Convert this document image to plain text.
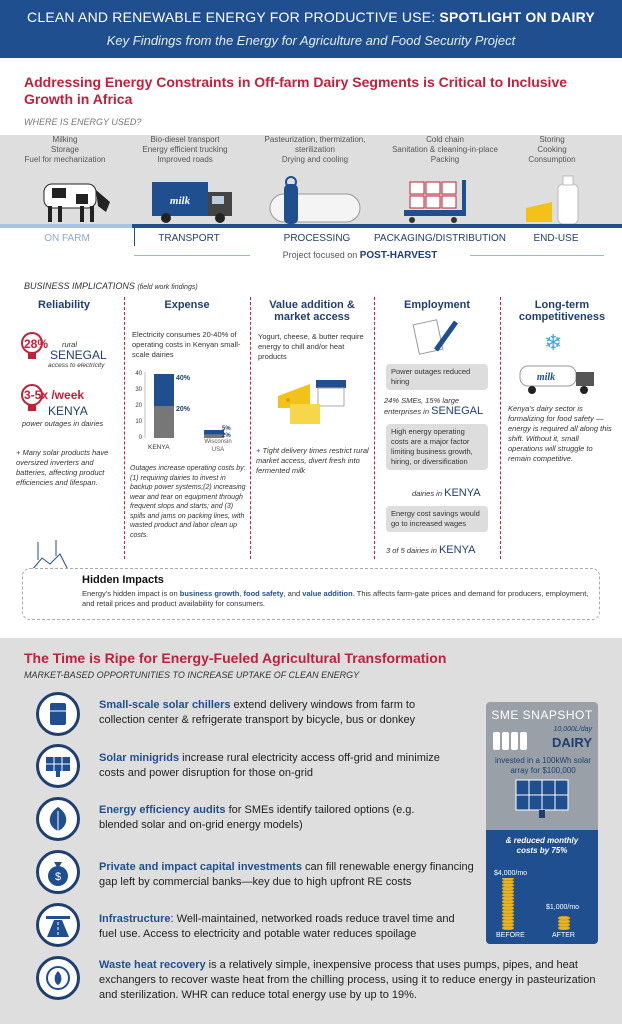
CLEAN AND RENEWABLE ENERGY FOR PRODUCTIVE USE: SPOTLIGHT ON DAIRY
Key Findings from the Energy for Agriculture and Food Security Project
Addressing Energy Constraints in Off-farm Dairy Segments is Critical to Inclusive Growth in Africa
WHERE IS ENERGY USED?
Milking
Storage
Fuel for mechanization
Bio-diesel transport
Energy efficient trucking
Improved roads
Pasteurization, thermization,
sterilization
Drying and cooling
Cold chain
Sanitation & cleaning-in-place
Packing
Storing
Cooking
Consumption
milk
ON FARM	TRANSPORT	PROCESSING	PACKAGING/DISTRIBUTION	END-USE
Project focused on POST-HARVEST
BUSINESS IMPLICATIONS (field work findings)
Reliability
28% rural
SENEGAL
access to electricity
3-5x /week
KENYA
power outages in dairies
+ Many solar products have oversized inverters and batteries, affecting product efficiencies and lifespan.
Expense
Electricity consumes 20-40% of operating costs in Kenyan small-scale dairies
40
30
20
10
0
40%
20%
5%
2%
KENYA
Wisconsin
USA
Outages increase operating costs by:(1) requiring dairies to invest in backup power systems;(2) increasing wear and tear on equipment through frequent stops and starts; and (3) spills and jams on packing lines, with wasted product and labor clean up costs.
Value addition & market access
Yogurt, cheese, & butter require energy to chill and/or heat products
+ Tight delivery times restrict rural market access, divert fresh into fermented milk
Employment
Power outages reduced hiring
24% SMEs, 15% large enterprises in SENEGAL
High energy operating costs are a major factor limiting business growth, hiring, or diversification
dairies in KENYA
Energy cost savings would go to increased wages
3 of 5 dairies in KENYA
Long-term competitiveness
❄
milk
Kenya's dairy sector is formalizing for food safety —energy is required all along this shift. Without it, small operations will struggle to remain competitive.
Hidden Impacts
Energy's hidden impact is on business growth, food safety, and value addition. This affects farm-gate prices and demand for producers, employment, and retail prices and product availability for consumers.
The Time is Ripe for Energy-Fueled Agricultural Transformation
MARKET-BASED OPPORTUNITIES TO INCREASE UPTAKE OF CLEAN ENERGY
$
Small-scale solar chillers extend delivery windows from farm to collection center & refrigerate transport by bicycle, bus or donkey
Solar minigrids increase rural electricity access off-grid and minimize costs and power disruption for those on-grid
Energy efficiency audits for SMEs identify tailored options (e.g. blended solar and on-grid energy models)
Private and impact capital investments can fill renewable energy financing gap left by commercial banks—key due to high upfront RE costs
Infrastructure: Well-maintained, networked roads reduce travel time and fuel use. Access to electricity and potable water reduces spoilage
Waste heat recovery is a relatively simple, inexpensive process that uses pumps, pipes, and heat exchangers to recover waste heat from the chilling process, using it to reduce energy in pasteurization and sterilization. WHR can reduce total energy use by up to 19%.
SME SNAPSHOT
10,000L/day
DAIRY
invested in a 100kWh solar array for $100,000
& reduced monthly costs by 75%
$4,000/mo
$1,000/mo
BEFORE	AFTER
